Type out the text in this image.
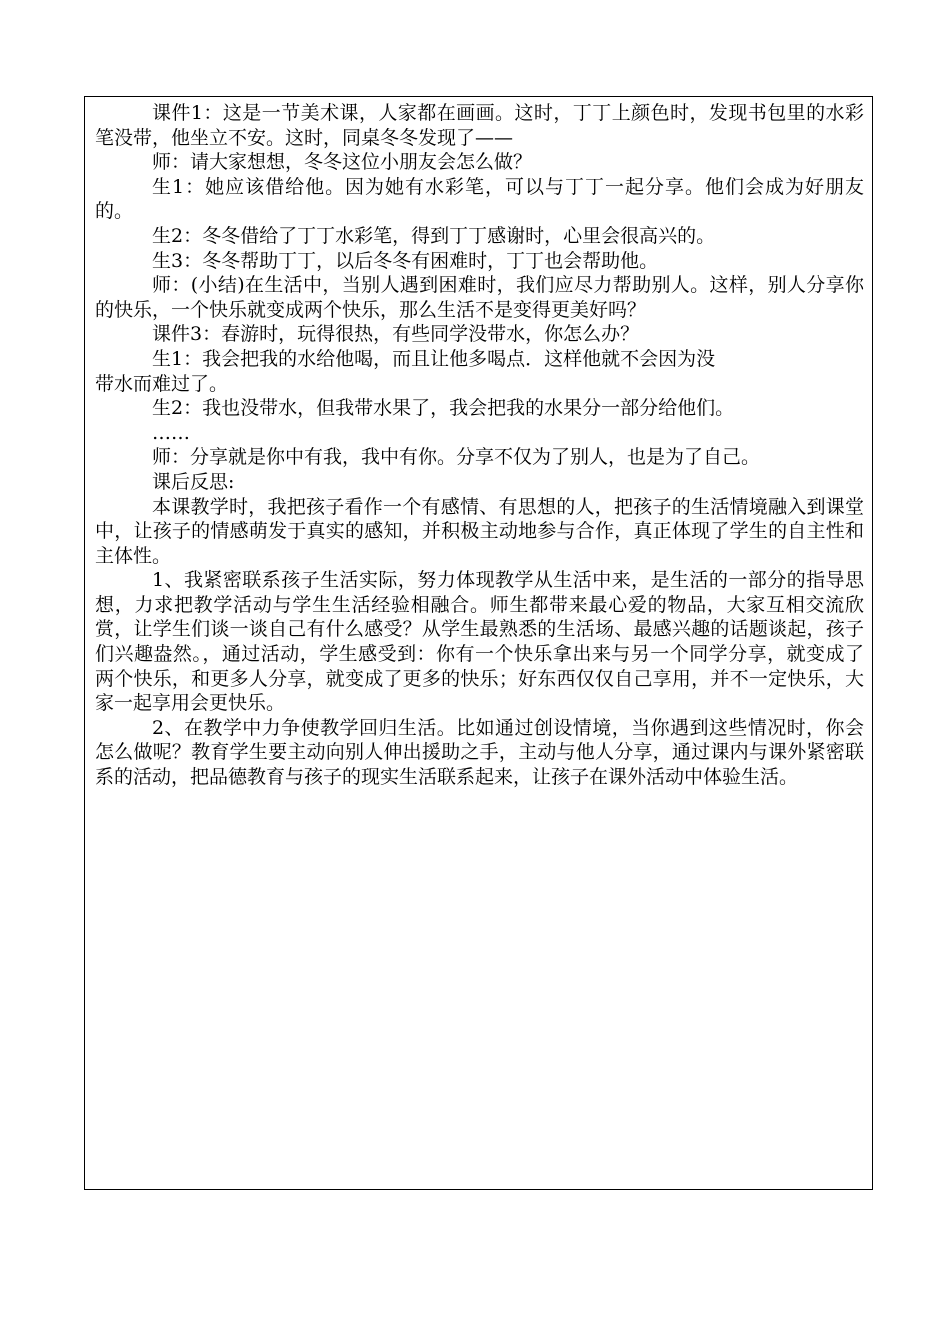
课件1：这是一节美术课，人家都在画画。这时，丁丁上颜色时，发现书包里的水彩笔没带，他坐立不安。这时，同桌冬冬发现了——

师：请大家想想，冬冬这位小朋友会怎么做？

生1：她应该借给他。因为她有水彩笔，可以与丁丁一起分享。他们会成为好朋友的。

生2：冬冬借给了丁丁水彩笔，得到丁丁感谢时，心里会很高兴的。

生3：冬冬帮助丁丁，以后冬冬有困难时，丁丁也会帮助他。

师：(小结)在生活中，当别人遇到困难时，我们应尽力帮助别人。这样，别人分享你的快乐，一个快乐就变成两个快乐，那么生活不是变得更美好吗？

课件3：春游时，玩得很热，有些同学没带水，你怎么办？

生1：我会把我的水给他喝，而且让他多喝点．这样他就不会因为没

带水而难过了。

生2：我也没带水，但我带水果了，我会把我的水果分一部分给他们。

……

师：分享就是你中有我，我中有你。分享不仅为了别人，也是为了自己。

课后反思:

本课教学时，我把孩子看作一个有感情、有思想的人，把孩子的生活情境融入到课堂中，让孩子的情感萌发于真实的感知，并积极主动地参与合作，真正体现了学生的自主性和主体性。

1、我紧密联系孩子生活实际，努力体现教学从生活中来，是生活的一部分的指导思想，力求把教学活动与学生生活经验相融合。师生都带来最心爱的物品，大家互相交流欣赏，让学生们谈一谈自己有什么感受？从学生最熟悉的生活场、最感兴趣的话题谈起，孩子们兴趣盎然。，通过活动，学生感受到：你有一个快乐拿出来与另一个同学分享，就变成了两个快乐，和更多人分享，就变成了更多的快乐；好东西仅仅自己享用，并不一定快乐，大家一起享用会更快乐。

2、在教学中力争使教学回归生活。比如通过创设情境，当你遇到这些情况时，你会怎么做呢？教育学生要主动向别人伸出援助之手，主动与他人分享，通过课内与课外紧密联系的活动，把品德教育与孩子的现实生活联系起来，让孩子在课外活动中体验生活。
